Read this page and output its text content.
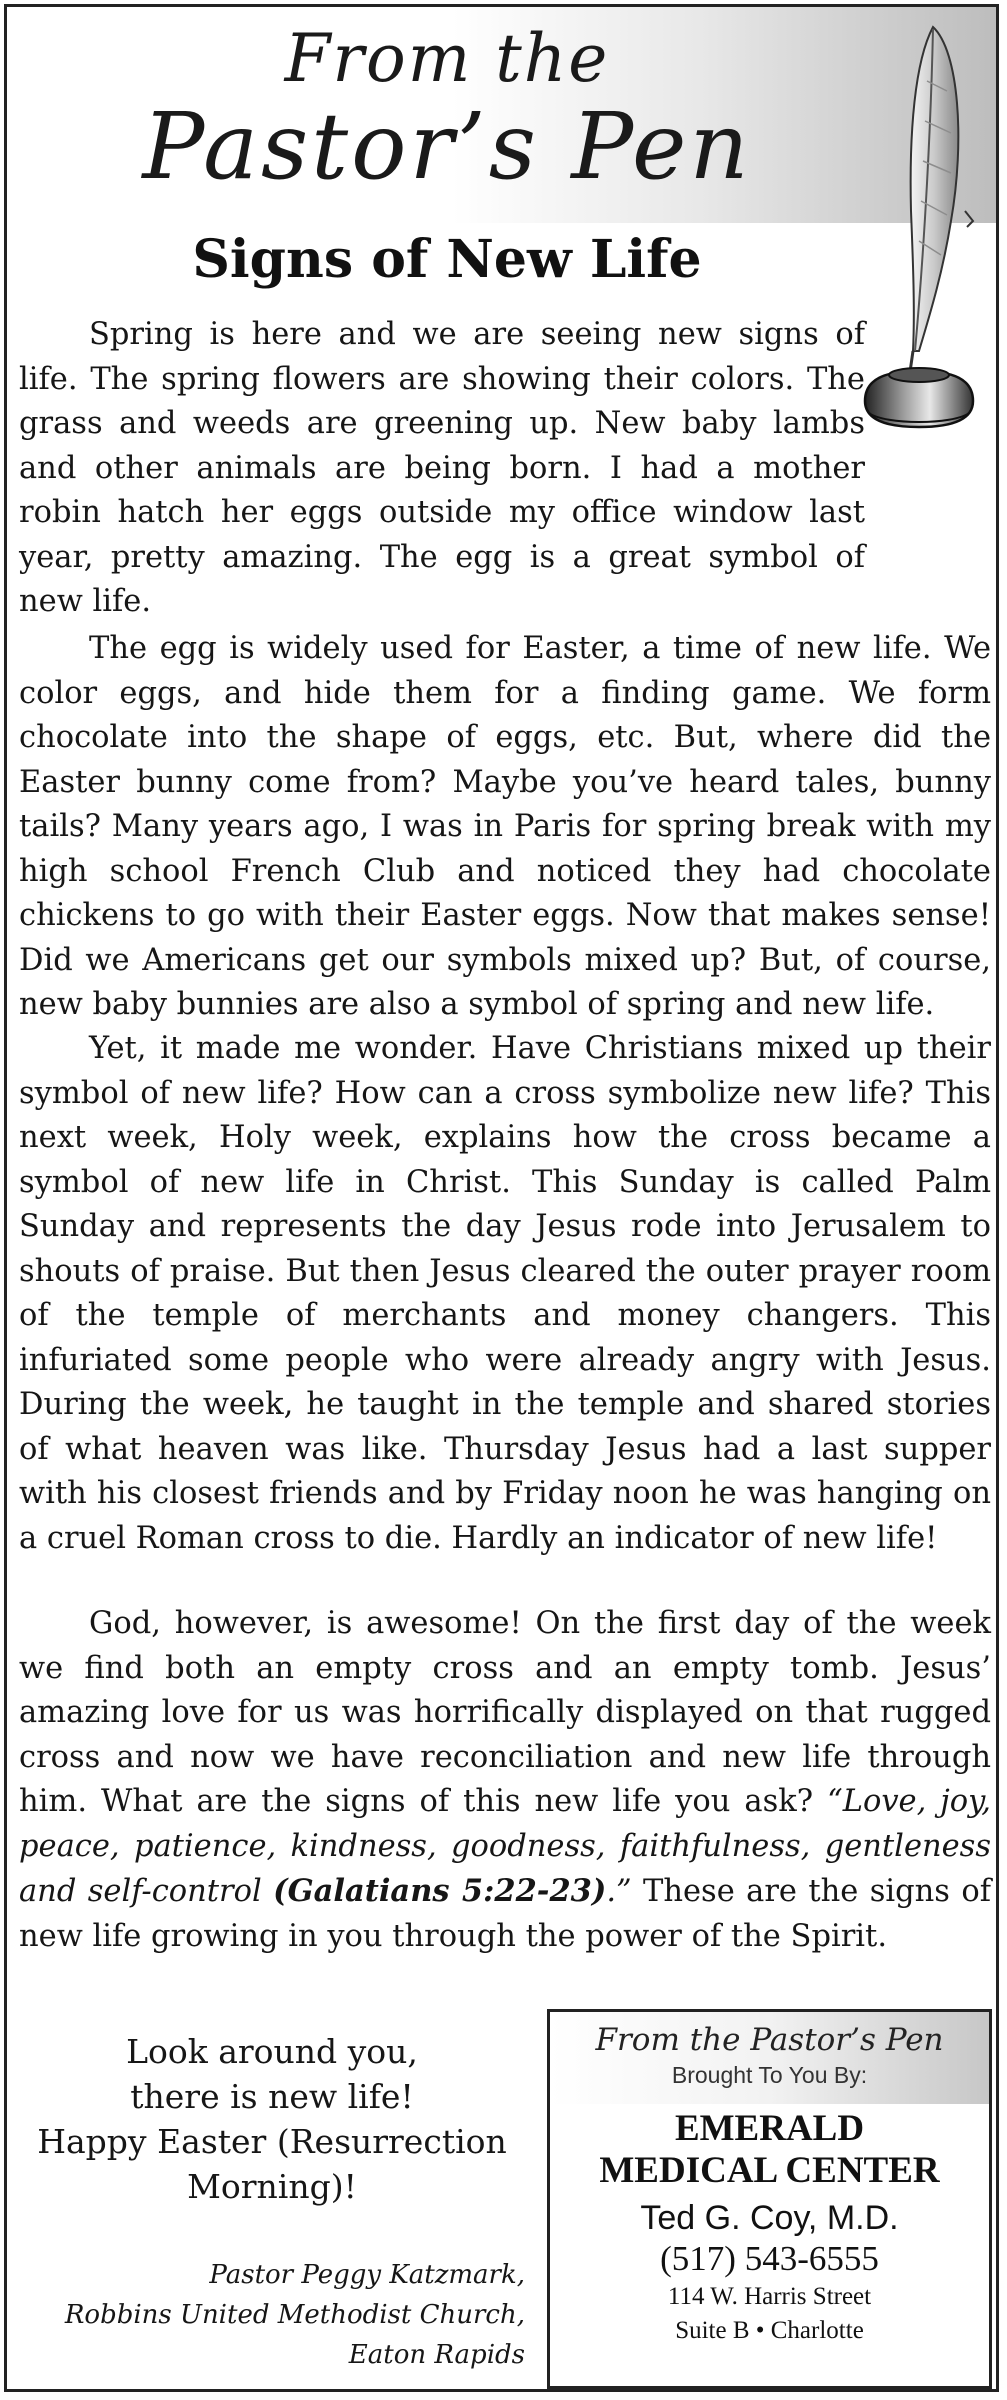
From the
Pastor’s Pen
Signs of New Life

Spring is here and we are seeing new signs of life. The spring flowers are showing their colors. The grass and weeds are greening up. New baby lambs and other animals are being born. I had a mother robin hatch her eggs outside my office window last year, pretty amazing. The egg is a great symbol of new life.

The egg is widely used for Easter, a time of new life. We color eggs, and hide them for a finding game. We form chocolate into the shape of eggs, etc. But, where did the Easter bunny come from? Maybe you’ve heard tales, bunny tails? Many years ago, I was in Paris for spring break with my high school French Club and noticed they had chocolate chickens to go with their Easter eggs. Now that makes sense! Did we Americans get our symbols mixed up? But, of course, new baby bunnies are also a symbol of spring and new life.

Yet, it made me wonder. Have Christians mixed up their symbol of new life? How can a cross symbolize new life? This next week, Holy week, explains how the cross became a symbol of new life in Christ. This Sunday is called Palm Sunday and represents the day Jesus rode into Jerusalem to shouts of praise. But then Jesus cleared the outer prayer room of the temple of merchants and money changers. This infuriated some people who were already angry with Jesus. During the week, he taught in the temple and shared stories of what heaven was like. Thursday Jesus had a last supper with his closest friends and by Friday noon he was hanging on a cruel Roman cross to die. Hardly an indicator of new life!

God, however, is awesome! On the first day of the week we find both an empty cross and an empty tomb. Jesus’ amazing love for us was horrifically displayed on that rugged cross and now we have reconciliation and new life through him. What are the signs of this new life you ask? “Love, joy, peace, patience, kindness, goodness, faithfulness, gentleness and self-control (Galatians 5:22-23).” These are the signs of new life growing in you through the power of the Spirit.

Look around you,
there is new life!
Happy Easter (Resurrection
Morning)!
Pastor Peggy Katzmark,
Robbins United Methodist Church,
Eaton Rapids
From the Pastor’s Pen
Brought To You By:
EMERALD
MEDICAL CENTER
Ted G. Coy, M.D.
(517) 543-6555
114 W. Harris Street
Suite B • Charlotte
